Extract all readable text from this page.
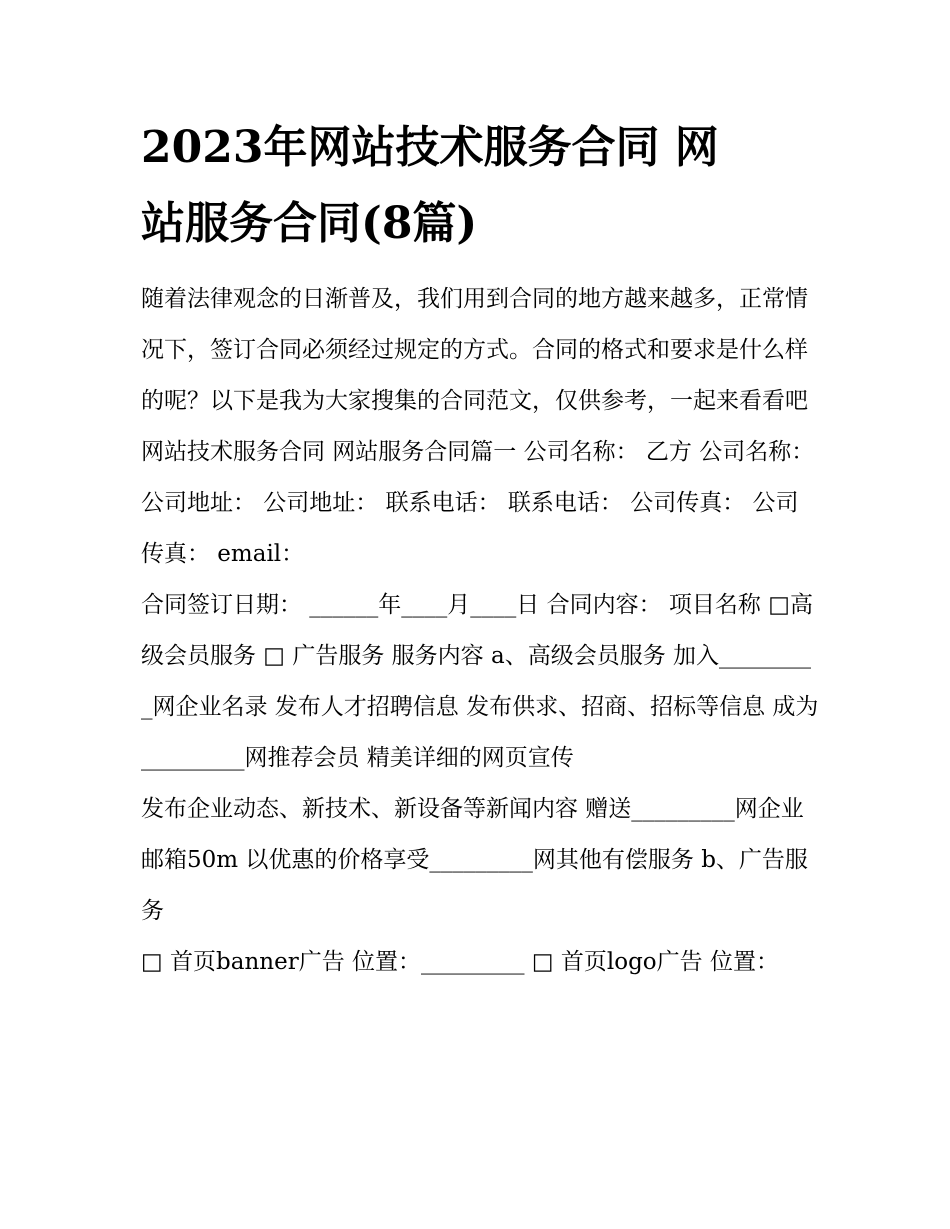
2023年网站技术服务合同 网
站服务合同(8篇)

随着法律观念的日渐普及，我们用到合同的地方越来越多，正常情况下，签订合同必须经过规定的方式。合同的格式和要求是什么样的呢？以下是我为大家搜集的合同范文，仅供参考，一起来看看吧

网站技术服务合同 网站服务合同篇一 公司名称： 乙方 公司名称： 公司地址： 公司地址： 联系电话： 联系电话： 公司传真： 公司传真： email：

合同签订日期： ______年____月____日 合同内容： 项目名称 □高级会员服务 □ 广告服务 服务内容 a、高级会员服务 加入_________网企业名录 发布人才招聘信息 发布供求、招商、招标等信息 成为_________网推荐会员 精美详细的网页宣传

发布企业动态、新技术、新设备等新闻内容 赠送_________网企业邮箱50m 以优惠的价格享受_________网其他有偿服务 b、广告服务

□ 首页banner广告 位置：_________ □ 首页logo广告 位置：
